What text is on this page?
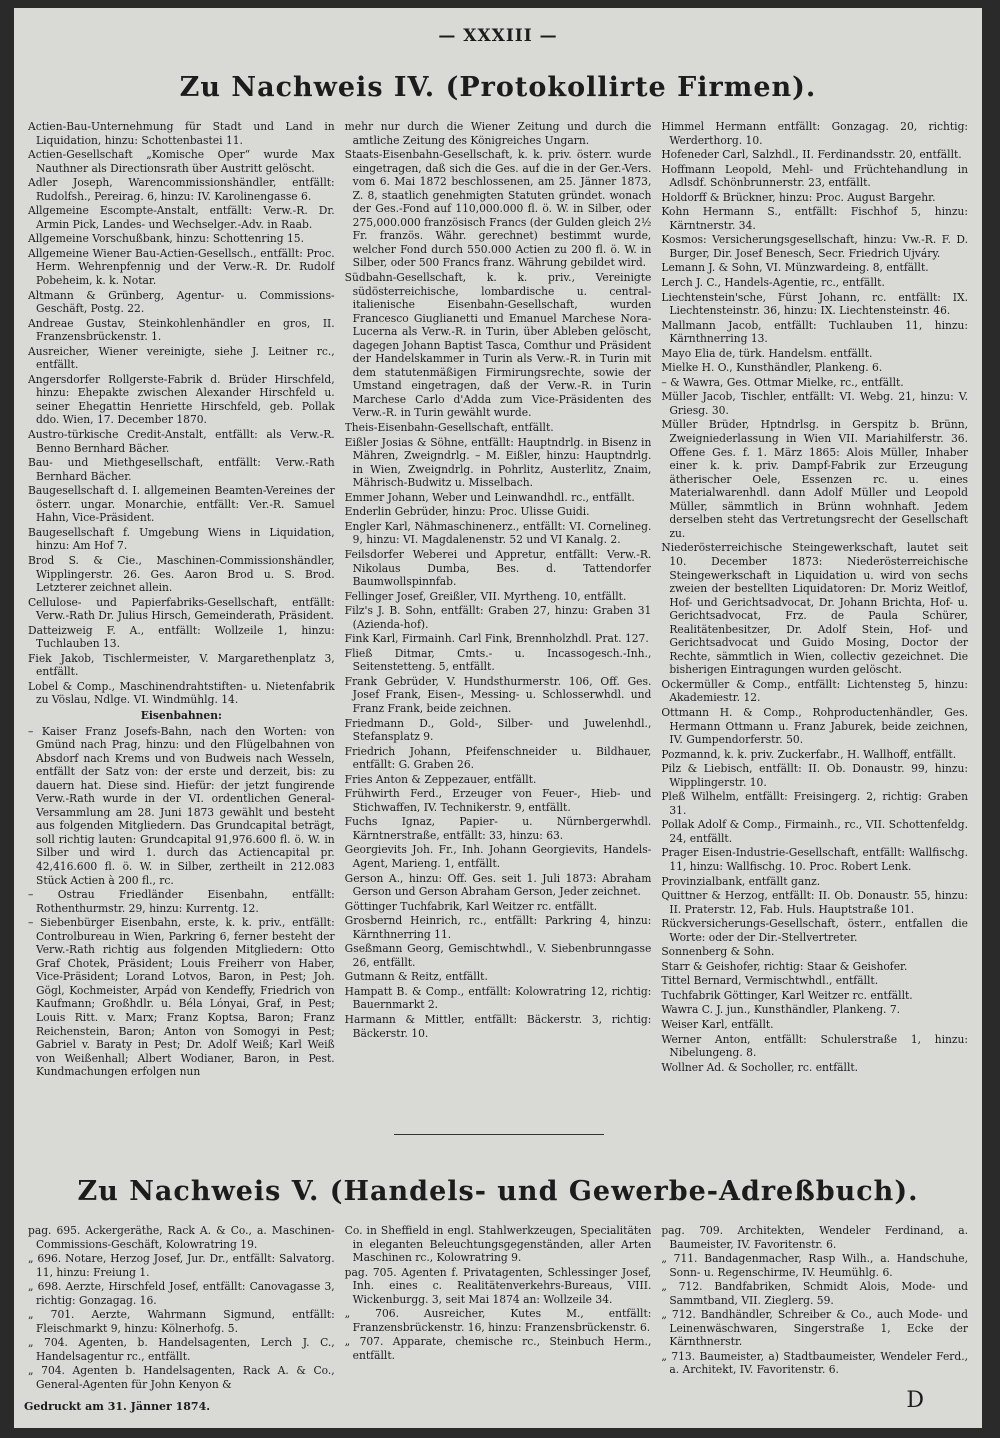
— XXXIII —
Zu Nachweis IV. (Protokollirte Firmen).

Actien-Bau-Unternehmung für Stadt und Land in Liquidation, hinzu: Schottenbastei 11.

Actien-Gesellschaft „Komische Oper“ wurde Max Nauthner als Directionsrath über Austritt gelöscht.

Adler Joseph, Warencommissionshändler, entfällt: Rudolfsh., Pereirag. 6, hinzu: IV. Karolinengasse 6.

Allgemeine Escompte-Anstalt, entfällt: Verw.-R. Dr. Armin Pick, Landes- und Wechselger.-Adv. in Raab.

Allgemeine Vorschußbank, hinzu: Schottenring 15.

Allgemeine Wiener Bau-Actien-Gesellsch., entfällt: Proc. Herm. Wehrenpfennig und der Verw.-R. Dr. Rudolf Pobeheim, k. k. Notar.

Altmann & Grünberg, Agentur- u. Commissions-Geschäft, Postg. 22.

Andreae Gustav, Steinkohlenhändler en gros, II. Franzensbrückenstr. 1.

Ausreicher, Wiener vereinigte, siehe J. Leitner rc., entfällt.

Angersdorfer Rollgerste-Fabrik d. Brüder Hirschfeld, hinzu: Ehepakte zwischen Alexander Hirschfeld u. seiner Ehegattin Henriette Hirschfeld, geb. Pollak ddo. Wien, 17. December 1870.

Austro-türkische Credit-Anstalt, entfällt: als Verw.-R. Benno Bernhard Bächer.

Bau- und Miethgesellschaft, entfällt: Verw.-Rath Bernhard Bächer.

Baugesellschaft d. I. allgemeinen Beamten-Vereines der österr. ungar. Monarchie, entfällt: Ver.-R. Samuel Hahn, Vice-Präsident.

Baugesellschaft f. Umgebung Wiens in Liquidation, hinzu: Am Hof 7.

Brod S. & Cie., Maschinen-Commissionshändler, Wipplingerstr. 26. Ges. Aaron Brod u. S. Brod. Letzterer zeichnet allein.

Cellulose- und Papierfabriks-Gesellschaft, entfällt: Verw.-Rath Dr. Julius Hirsch, Gemeinderath, Präsident.

Datteizweig F. A., entfällt: Wollzeile 1, hinzu: Tuchlauben 13.

Fiek Jakob, Tischlermeister, V. Margarethenplatz 3, entfällt.

Lobel & Comp., Maschinendrahtstiften- u. Nietenfabrik zu Vöslau, Ndlge. VI. Windmühlg. 14.

Eisenbahnen:

– Kaiser Franz Josefs-Bahn, nach den Worten: von Gmünd nach Prag, hinzu: und den Flügelbahnen von Absdorf nach Krems und von Budweis nach Wesseln, entfällt der Satz von: der erste und derzeit, bis: zu dauern hat. Diese sind. Hiefür: der jetzt fungirende Verw.-Rath wurde in der VI. ordentlichen General-Versammlung am 28. Juni 1873 gewählt und besteht aus folgenden Mitgliedern. Das Grundcapital beträgt, soll richtig lauten: Grundcapital 91,976.600 fl. ö. W. in Silber und wird 1. durch das Actiencapital pr. 42,416.600 fl. ö. W. in Silber, zertheilt in 212.083 Stück Actien à 200 fl., rc.

– Ostrau Friedländer Eisenbahn, entfällt: Rothenthurmstr. 29, hinzu: Kurrentg. 12.

– Siebenbürger Eisenbahn, erste, k. k. priv., entfällt: Controlbureau in Wien, Parkring 6, ferner besteht der Verw.-Rath richtig aus folgenden Mitgliedern: Otto Graf Chotek, Präsident; Louis Freiherr von Haber, Vice-Präsident; Lorand Lotvos, Baron, in Pest; Joh. Gögl, Kochmeister, Arpád von Kendeffy, Friedrich von Kaufmann; Großhdlr. u. Béla Lónyai, Graf, in Pest; Louis Ritt. v. Marx; Franz Koptsa, Baron; Franz Reichenstein, Baron; Anton von Somogyi in Pest; Gabriel v. Baraty in Pest; Dr. Adolf Weiß; Karl Weiß von Weißenhall; Albert Wodianer, Baron, in Pest. Kundmachungen erfolgen nun

mehr nur durch die Wiener Zeitung und durch die amtliche Zeitung des Königreiches Ungarn.

Staats-Eisenbahn-Gesellschaft, k. k. priv. österr. wurde eingetragen, daß sich die Ges. auf die in der Ger.-Vers. vom 6. Mai 1872 beschlossenen, am 25. Jänner 1873, Z. 8, staatlich genehmigten Statuten gründet. wonach der Ges.-Fond auf 110,000.000 fl. ö. W. in Silber, oder 275,000.000 französisch Francs (der Gulden gleich 2½ Fr. französ. Währ. gerechnet) bestimmt wurde, welcher Fond durch 550.000 Actien zu 200 fl. ö. W. in Silber, oder 500 Francs franz. Währung gebildet wird.

Südbahn-Gesellschaft, k. k. priv., Vereinigte südösterreichische, lombardische u. central-italienische Eisenbahn-Gesellschaft, wurden Francesco Giuglianetti und Emanuel Marchese Nora-Lucerna als Verw.-R. in Turin, über Ableben gelöscht, dagegen Johann Baptist Tasca, Comthur und Präsident der Handelskammer in Turin als Verw.-R. in Turin mit dem statutenmäßigen Firmirungsrechte, sowie der Umstand eingetragen, daß der Verw.-R. in Turin Marchese Carlo d'Adda zum Vice-Präsidenten des Verw.-R. in Turin gewählt wurde.

Theis-Eisenbahn-Gesellschaft, entfällt.

Eißler Josias & Söhne, entfällt: Hauptndrlg. in Bisenz in Mähren, Zweigndrlg. – M. Eißler, hinzu: Hauptndrlg. in Wien, Zweigndrlg. in Pohrlitz, Austerlitz, Znaim, Mährisch-Budwitz u. Misselbach.

Emmer Johann, Weber und Leinwandhdl. rc., entfällt.

Enderlin Gebrüder, hinzu: Proc. Ulisse Guidi.

Engler Karl, Nähmaschinenerz., entfällt: VI. Cornelineg. 9, hinzu: VI. Magdalenenstr. 52 und VI Kanalg. 2.

Feilsdorfer Weberei und Appretur, entfällt: Verw.-R. Nikolaus Dumba, Bes. d. Tattendorfer Baumwollspinnfab.

Fellinger Josef, Greißler, VII. Myrtheng. 10, entfällt.

Filz's J. B. Sohn, entfällt: Graben 27, hinzu: Graben 31 (Azienda-hof).

Fink Karl, Firmainh. Carl Fink, Brennholzhdl. Prat. 127.

Fließ Ditmar, Cmts.- u. Incassogesch.-Inh., Seitenstetteng. 5, entfällt.

Frank Gebrüder, V. Hundsthurmerstr. 106, Off. Ges. Josef Frank, Eisen-, Messing- u. Schlosserwhdl. und Franz Frank, beide zeichnen.

Friedmann D., Gold-, Silber- und Juwelenhdl., Stefansplatz 9.

Friedrich Johann, Pfeifenschneider u. Bildhauer, entfällt: G. Graben 26.

Fries Anton & Zeppezauer, entfällt.

Frühwirth Ferd., Erzeuger von Feuer-, Hieb- und Stichwaffen, IV. Technikerstr. 9, entfällt.

Fuchs Ignaz, Papier- u. Nürnbergerwhdl. Kärntnerstraße, entfällt: 33, hinzu: 63.

Georgievits Joh. Fr., Inh. Johann Georgievits, Handels-Agent, Marieng. 1, entfällt.

Gerson A., hinzu: Off. Ges. seit 1. Juli 1873: Abraham Gerson und Gerson Abraham Gerson, Jeder zeichnet.

Göttinger Tuchfabrik, Karl Weitzer rc. entfällt.

Grosbernd Heinrich, rc., entfällt: Parkring 4, hinzu: Kärnthnerring 11.

Gseßmann Georg, Gemischtwhdl., V. Siebenbrunngasse 26, entfällt.

Gutmann & Reitz, entfällt.

Hampatt B. & Comp., entfällt: Kolowratring 12, richtig: Bauernmarkt 2.

Harmann & Mittler, entfällt: Bäckerstr. 3, richtig: Bäckerstr. 10.

Himmel Hermann entfällt: Gonzagag. 20, richtig: Werderthorg. 10.

Hofeneder Carl, Salzhdl., II. Ferdinandsstr. 20, entfällt.

Hoffmann Leopold, Mehl- und Früchtehandlung in Adlsdf. Schönbrunnerstr. 23, entfällt.

Holdorff & Brückner, hinzu: Proc. August Bargehr.

Kohn Hermann S., entfällt: Fischhof 5, hinzu: Kärntnerstr. 34.

Kosmos: Versicherungsgesellschaft, hinzu: Vw.-R. F. D. Burger, Dir. Josef Benesch, Secr. Friedrich Ujváry.

Lemann J. & Sohn, VI. Münzwardeing. 8, entfällt.

Lerch J. C., Handels-Agentie, rc., entfällt.

Liechtenstein'sche, Fürst Johann, rc. entfällt: IX. Liechtensteinstr. 36, hinzu: IX. Liechtensteinstr. 46.

Mallmann Jacob, entfällt: Tuchlauben 11, hinzu: Kärnthnerring 13.

Mayo Elia de, türk. Handelsm. entfällt.

Mielke H. O., Kunsthändler, Plankeng. 6.

– & Wawra, Ges. Ottmar Mielke, rc., entfällt.

Müller Jacob, Tischler, entfällt: VI. Webg. 21, hinzu: V. Griesg. 30.

Müller Brüder, Hptndrlsg. in Gerspitz b. Brünn, Zweigniederlassung in Wien VII. Mariahilferstr. 36. Offene Ges. f. 1. März 1865: Alois Müller, Inhaber einer k. k. priv. Dampf-Fabrik zur Erzeugung ätherischer Oele, Essenzen rc. u. eines Materialwarenhdl. dann Adolf Müller und Leopold Müller, sämmtlich in Brünn wohnhaft. Jedem derselben steht das Vertretungsrecht der Gesellschaft zu.

Niederösterreichische Steingewerkschaft, lautet seit 10. December 1873: Niederösterreichische Steingewerkschaft in Liquidation u. wird von sechs zweien der bestellten Liquidatoren: Dr. Moriz Weitlof, Hof- und Gerichtsadvocat, Dr. Johann Brichta, Hof- u. Gerichtsadvocat, Frz. de Paula Schürer, Realitätenbesitzer, Dr. Adolf Stein, Hof- und Gerichtsadvocat und Guido Mosing, Doctor der Rechte, sämmtlich in Wien, collectiv gezeichnet. Die bisherigen Eintragungen wurden gelöscht.

Ockermüller & Comp., entfällt: Lichtensteg 5, hinzu: Akademiestr. 12.

Ottmann H. & Comp., Rohproductenhändler, Ges. Hermann Ottmann u. Franz Jaburek, beide zeichnen, IV. Gumpendorferstr. 50.

Pozmannd, k. k. priv. Zuckerfabr., H. Wallhoff, entfällt.

Pilz & Liebisch, entfällt: II. Ob. Donaustr. 99, hinzu: Wipplingerstr. 10.

Pleß Wilhelm, entfällt: Freisingerg. 2, richtig: Graben 31.

Pollak Adolf & Comp., Firmainh., rc., VII. Schottenfeldg. 24, entfällt.

Prager Eisen-Industrie-Gesellschaft, entfällt: Wallfischg. 11, hinzu: Wallfischg. 10. Proc. Robert Lenk.

Provinzialbank, entfällt ganz.

Quittner & Herzog, entfällt: II. Ob. Donaustr. 55, hinzu: II. Praterstr. 12, Fab. Huls. Hauptstraße 101.

Rückversicherungs-Gesellschaft, österr., entfallen die Worte: oder der Dir.-Stellvertreter.

Sonnenberg & Sohn.

Starr & Geishofer, richtig: Staar & Geishofer.

Tittel Bernard, Vermischtwhdl., entfällt.

Tuchfabrik Göttinger, Karl Weitzer rc. entfällt.

Wawra C. J. jun., Kunsthändler, Plankeng. 7.

Weiser Karl, entfällt.

Werner Anton, entfällt: Schulerstraße 1, hinzu: Nibelungeng. 8.

Wollner Ad. & Socholler, rc. entfällt.

Zu Nachweis V. (Handels- und Gewerbe-Adreßbuch).

pag. 695. Ackergeräthe, Rack A. & Co., a. Maschinen-Commissions-Geschäft, Kolowratring 19.

„ 696. Notare, Herzog Josef, Jur. Dr., entfällt: Salvatorg. 11, hinzu: Freiung 1.

„ 698. Aerzte, Hirschfeld Josef, entfällt: Canovagasse 3, richtig: Gonzagag. 16.

„ 701. Aerzte, Wahrmann Sigmund, entfällt: Fleischmarkt 9, hinzu: Kölnerhofg. 5.

„ 704. Agenten, b. Handelsagenten, Lerch J. C., Handelsagentur rc., entfällt.

„ 704. Agenten b. Handelsagenten, Rack A. & Co., General-Agenten für John Kenyon &

Co. in Sheffield in engl. Stahlwerkzeugen, Specialitäten in eleganten Beleuchtungsgegenständen, aller Arten Maschinen rc., Kolowratring 9.

pag. 705. Agenten f. Privatagenten, Schlessinger Josef, Inh. eines c. Realitätenverkehrs-Bureaus, VIII. Wickenburgg. 3, seit Mai 1874 an: Wollzeile 34.

„ 706. Ausreicher, Kutes M., entfällt: Franzensbrückenstr. 16, hinzu: Franzensbrückenstr. 6.

„ 707. Apparate, chemische rc., Steinbuch Herm., entfällt.

pag. 709. Architekten, Wendeler Ferdinand, a. Baumeister, IV. Favoritenstr. 6.

„ 711. Bandagenmacher, Rasp Wilh., a. Handschuhe, Sonn- u. Regenschirme, IV. Heumühlg. 6.

„ 712. Bandfabriken, Schmidt Alois, Mode- und Sammtband, VII. Zieglerg. 59.

„ 712. Bandhändler, Schreiber & Co., auch Mode- und Leinenwäschwaren, Singerstraße 1, Ecke der Kärnthnerstr.

„ 713. Baumeister, a) Stadtbaumeister, Wendeler Ferd., a. Architekt, IV. Favoritenstr. 6.

Gedruckt am 31. Jänner 1874.	D
